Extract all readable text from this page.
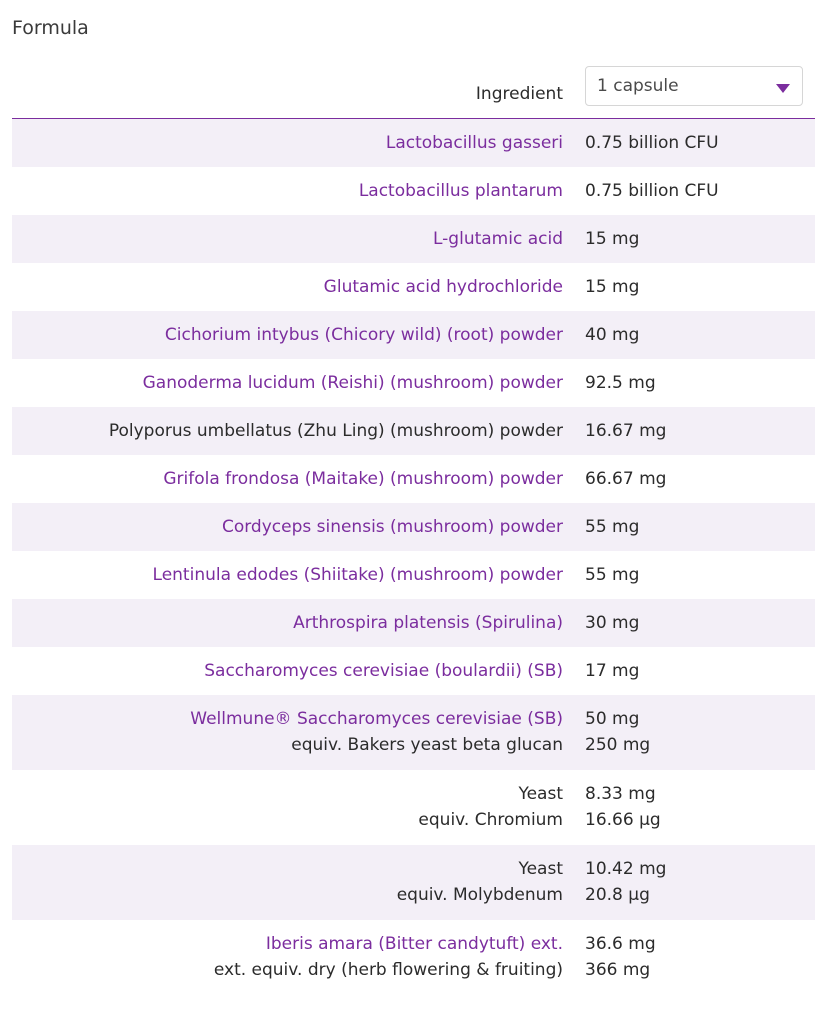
Formula
Ingredient 1 capsule
Lactobacillus gasseri 0.75 billion CFU
Lactobacillus plantarum 0.75 billion CFU
L-glutamic acid 15 mg
Glutamic acid hydrochloride 15 mg
Cichorium intybus (Chicory wild) (root) powder 40 mg
Ganoderma lucidum (Reishi) (mushroom) powder 92.5 mg
Polyporus umbellatus (Zhu Ling) (mushroom) powder 16.67 mg
Grifola frondosa (Maitake) (mushroom) powder 66.67 mg
Cordyceps sinensis (mushroom) powder 55 mg
Lentinula edodes (Shiitake) (mushroom) powder 55 mg
Arthrospira platensis (Spirulina) 30 mg
Saccharomyces cerevisiae (boulardii) (SB) 17 mg
Wellmune® Saccharomyces cerevisiae (SB)
equiv. Bakers yeast beta glucan
50 mg
250 mg
Yeast
equiv. Chromium
8.33 mg
16.66 µg
Yeast
equiv. Molybdenum
10.42 mg
20.8 µg
Iberis amara (Bitter candytuft) ext.
ext. equiv. dry (herb flowering & fruiting)
36.6 mg
366 mg
